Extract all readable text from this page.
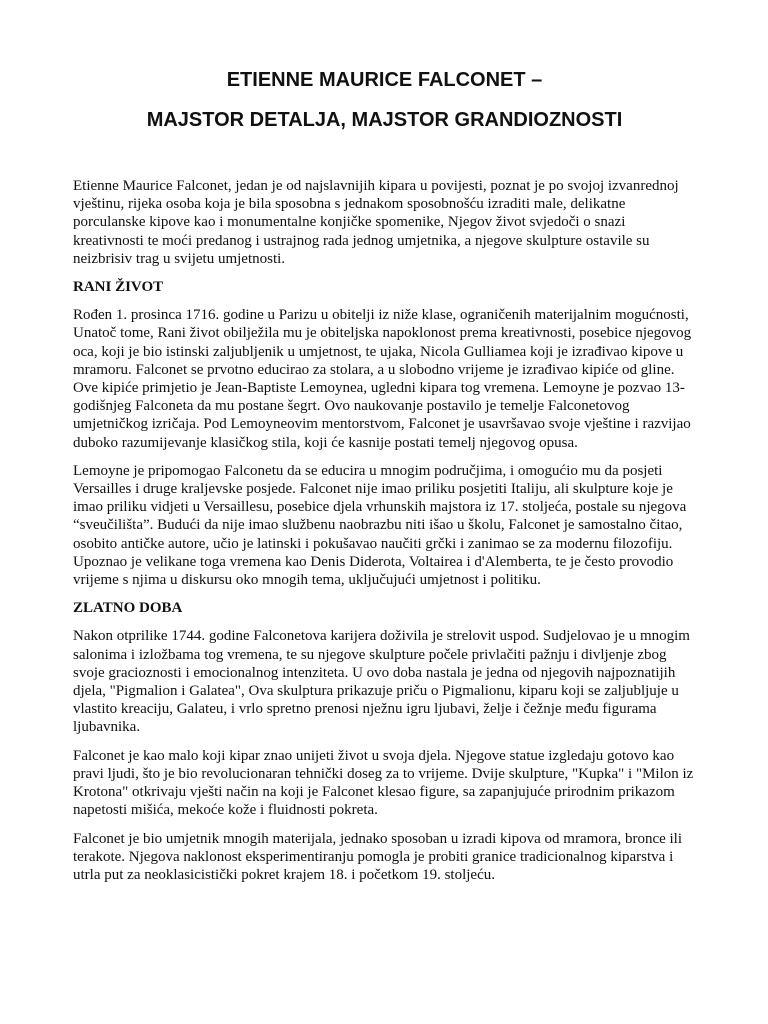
ETIENNE MAURICE FALCONET –
MAJSTOR DETALJA, MAJSTOR GRANDIOZNOSTI

Etienne Maurice Falconet, jedan je od najslavnijih kipara u povijesti, poznat je po svojoj izvanrednoj vještinu, rijeka osoba koja je bila sposobna s jednakom sposobnošću izraditi male, delikatne porculanske kipove kao i monumentalne konjičke spomenike, Njegov život svjedoči o snazi kreativnosti te moći predanog i ustrajnog rada jednog umjetnika, a njegove skulpture ostavile su neizbrisiv trag u svijetu umjetnosti.

RANI ŽIVOT

Rođen 1. prosinca 1716. godine u Parizu u obitelji iz niže klase, ograničenih materijalnim mogućnosti, Unatoč tome, Rani život obilježila mu je obiteljska napoklonost prema kreativnosti, posebice njegovog oca, koji je bio istinski zaljubljenik u umjetnost, te ujaka, Nicola Gulliamea koji je izrađivao kipove u mramoru. Falconet se prvotno educirao za stolara, a u slobodno vrijeme je izrađivao kipiće od gline. Ove kipiće primjetio je Jean-Baptiste Lemoynea, ugledni kipara tog vremena. Lemoyne je pozvao 13-godišnjeg Falconeta da mu postane šegrt. Ovo naukovanje postavilo je temelje Falconetovog umjetničkog izričaja. Pod Lemoyneovim mentorstvom, Falconet je usavršavao svoje vještine i razvijao duboko razumijevanje klasičkog stila, koji će kasnije postati temelj njegovog opusa.

Lemoyne je pripomogao Falconetu da se educira u mnogim područjima, i omogućio mu da posjeti Versailles i druge kraljevske posjede. Falconet nije imao priliku posjetiti Italiju, ali skulpture koje je imao priliku vidjeti u Versaillesu, posebice djela vrhunskih majstora iz 17. stoljeća, postale su njegova “sveučilišta”. Budući da nije imao službenu naobrazbu niti išao u školu, Falconet je samostalno čitao, osobito antičke autore, učio je latinski i pokušavao naučiti grčki i zanimao se za modernu filozofiju. Upoznao je velikane toga vremena kao Denis Diderota, Voltairea i d'Alemberta, te je često provodio vrijeme s njima u diskursu oko mnogih tema, uključujući umjetnost i politiku.

ZLATNO DOBA

Nakon otprilike 1744. godine Falconetova karijera doživila je strelovit uspod. Sudjelovao je u mnogim salonima i izložbama tog vremena, te su njegove skulpture počele privlačiti pažnju i divljenje zbog svoje gracioznosti i emocionalnog intenziteta. U ovo doba nastala je jedna od njegovih najpoznatijih djela, "Pigmalion i Galatea", Ova skulptura prikazuje priču o Pigmalionu, kiparu koji se zaljubljuje u vlastito kreaciju, Galateu, i vrlo spretno prenosi nježnu igru ljubavi, želje i čežnje među figurama ljubavnika.

Falconet je kao malo koji kipar znao unijeti život u svoja djela. Njegove statue izgledaju gotovo kao pravi ljudi, što je bio revolucionaran tehnički doseg za to vrijeme. Dvije skulpture, "Kupka" i "Milon iz Krotona" otkrivaju vješti način na koji je Falconet klesao figure, sa zapanjujuće prirodnim prikazom napetosti mišića, mekoće kože i fluidnosti pokreta.

Falconet je bio umjetnik mnogih materijala, jednako sposoban u izradi kipova od mramora, bronce ili terakote. Njegova naklonost eksperimentiranju pomogla je probiti granice tradicionalnog kiparstva i utrla put za neoklasicistički pokret krajem 18. i početkom 19. stoljeću.
